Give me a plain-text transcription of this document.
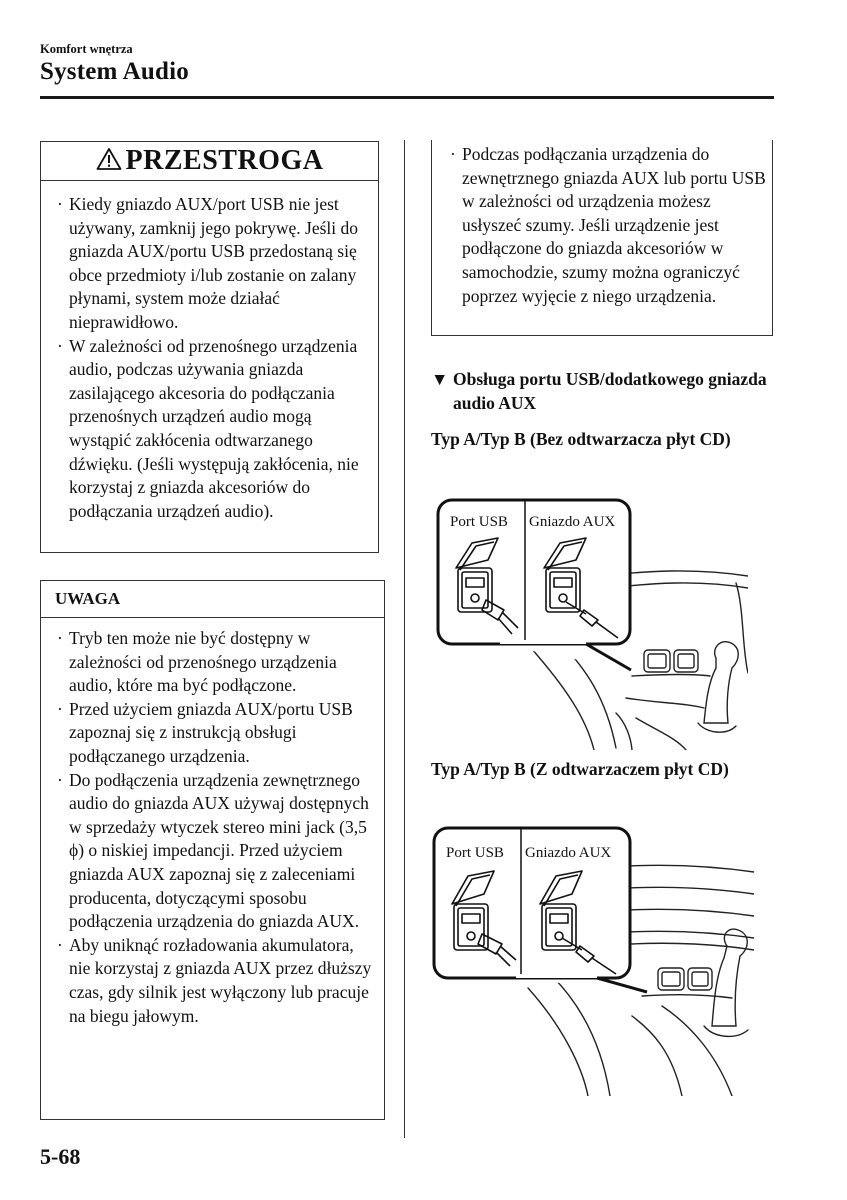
Komfort wnętrza
System Audio
PRZESTROGA
· Kiedy gniazdo AUX/port USB nie jest używany, zamknij jego pokrywę. Jeśli do gniazda AUX/portu USB przedostaną się obce przedmioty i/lub zostanie on zalany płynami, system może działać nieprawidłowo.
· W zależności od przenośnego urządzenia audio, podczas używania gniazda zasilającego akcesoria do podłączania przenośnych urządzeń audio mogą wystąpić zakłócenia odtwarzanego dźwięku. (Jeśli występują zakłócenia, nie korzystaj z gniazda akcesoriów do podłączania urządzeń audio).
UWAGA
· Tryb ten może nie być dostępny w zależności od przenośnego urządzenia audio, które ma być podłączone.
· Przed użyciem gniazda AUX/portu USB zapoznaj się z instrukcją obsługi podłączanego urządzenia.
· Do podłączenia urządzenia zewnętrznego audio do gniazda AUX używaj dostępnych w sprzedaży wtyczek stereo mini jack (3,5 ϕ) o niskiej impedancji. Przed użyciem gniazda AUX zapoznaj się z zaleceniami producenta, dotyczącymi sposobu podłączenia urządzenia do gniazda AUX.
· Aby uniknąć rozładowania akumulatora, nie korzystaj z gniazda AUX przez dłuższy czas, gdy silnik jest wyłączony lub pracuje na biegu jałowym.
· Podczas podłączania urządzenia do zewnętrznego gniazda AUX lub portu USB w zależności od urządzenia możesz usłyszeć szumy. Jeśli urządzenie jest podłączone do gniazda akcesoriów w samochodzie, szumy można ograniczyć poprzez wyjęcie z niego urządzenia.
▼ Obsługa portu USB/dodatkowego gniazda audio AUX
Typ A/Typ B (Bez odtwarzacza płyt CD)
Port USB Gniazdo AUX
Typ A/Typ B (Z odtwarzaczem płyt CD)
Port USB Gniazdo AUX
5-68
